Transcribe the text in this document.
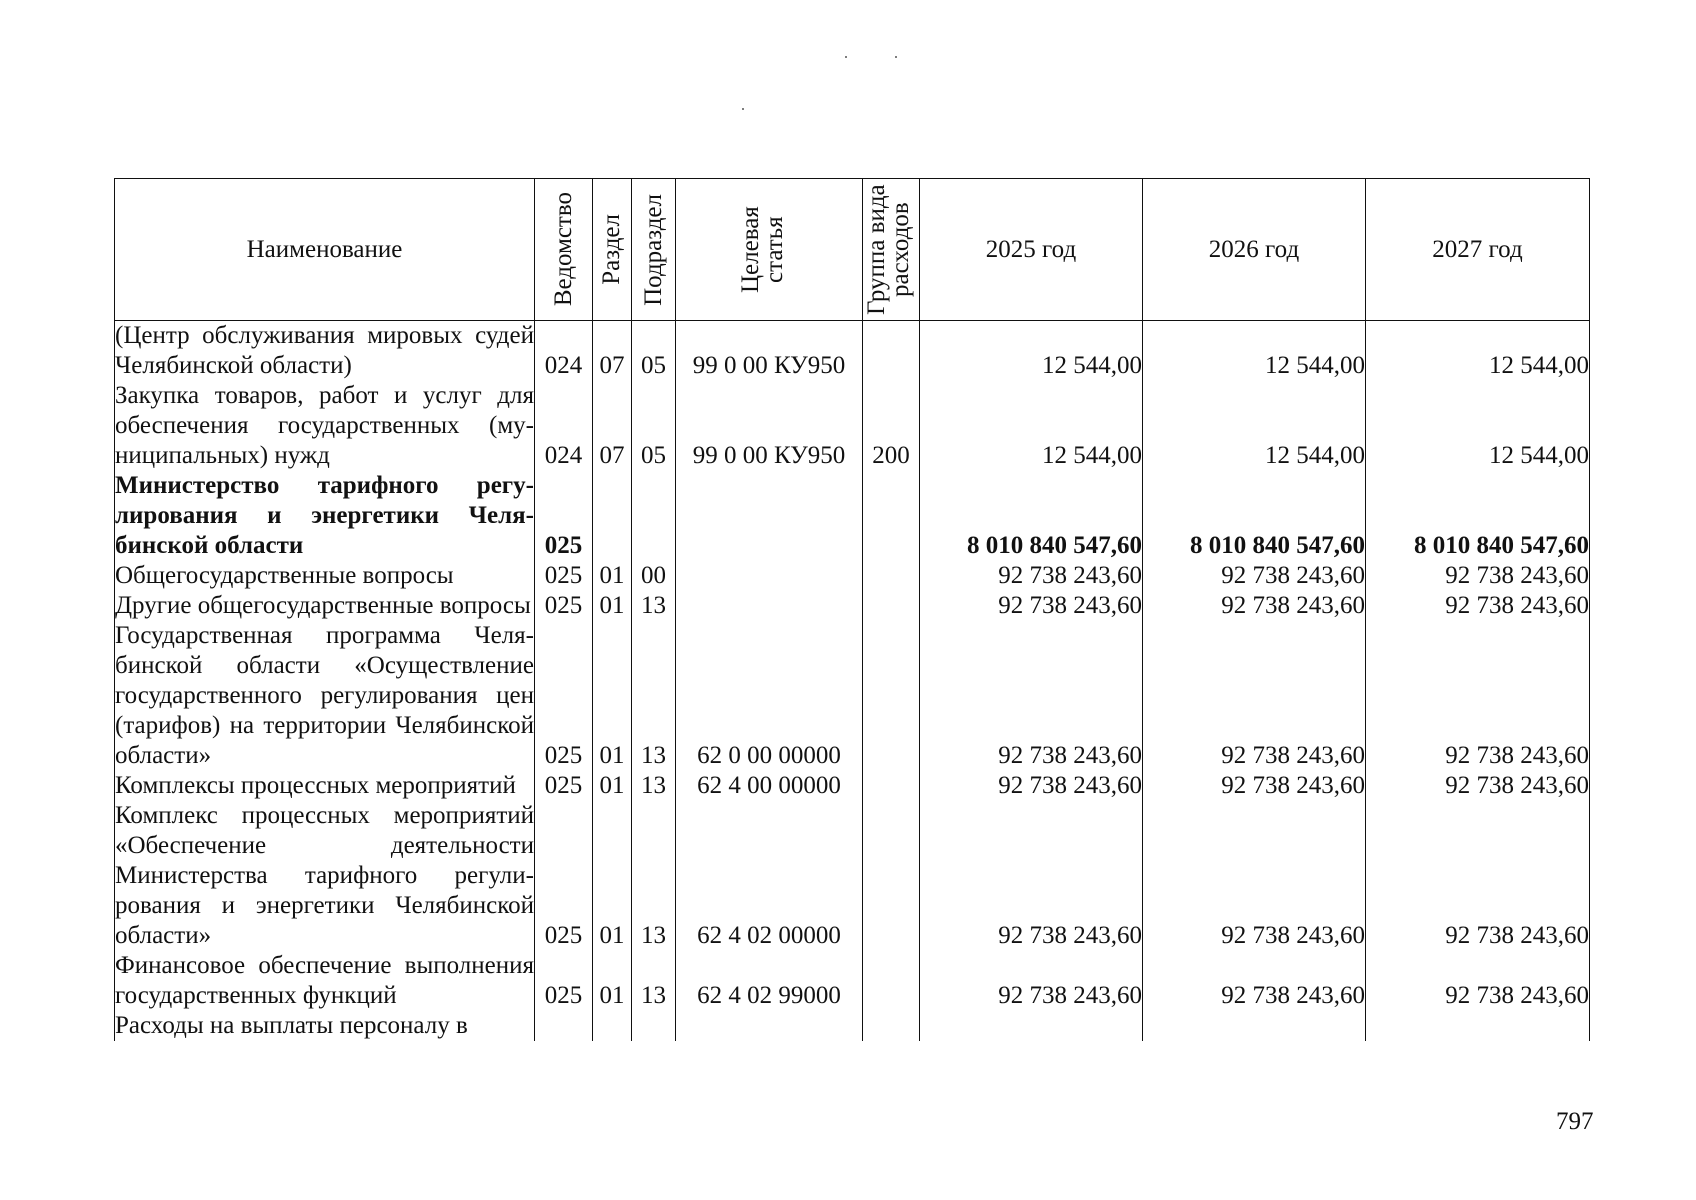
Наименование	Ведомство	Раздел	Подраздел	Целевая статья	Группа вида расходов	2025 год	2026 год	2027 год
(Центр обслуживания мировых судей Челябинской области)	024	07	05	99 0 00 КУ950		12 544,00	12 544,00	12 544,00
Закупка товаров, работ и услуг для обеспечения государственных (муниципальных) нужд	024	07	05	99 0 00 КУ950	200	12 544,00	12 544,00	12 544,00
Министерство тарифного регулирования и энергетики Челябинской области	025					8 010 840 547,60	8 010 840 547,60	8 010 840 547,60
Общегосударственные вопросы	025	01	00			92 738 243,60	92 738 243,60	92 738 243,60
Другие общегосударственные вопросы	025	01	13			92 738 243,60	92 738 243,60	92 738 243,60
Государственная программа Челябинской области «Осуществление государственного регулирования цен (тарифов) на территории Челябинской области»	025	01	13	62 0 00 00000		92 738 243,60	92 738 243,60	92 738 243,60
Комплексы процессных мероприятий	025	01	13	62 4 00 00000		92 738 243,60	92 738 243,60	92 738 243,60
Комплекс процессных мероприятий «Обеспечение деятельности Министерства тарифного регулирования и энергетики Челябинской области»	025	01	13	62 4 02 00000		92 738 243,60	92 738 243,60	92 738 243,60
Финансовое обеспечение выполнения государственных функций	025	01	13	62 4 02 99000		92 738 243,60	92 738 243,60	92 738 243,60
Расходы на выплаты персоналу в								
797
